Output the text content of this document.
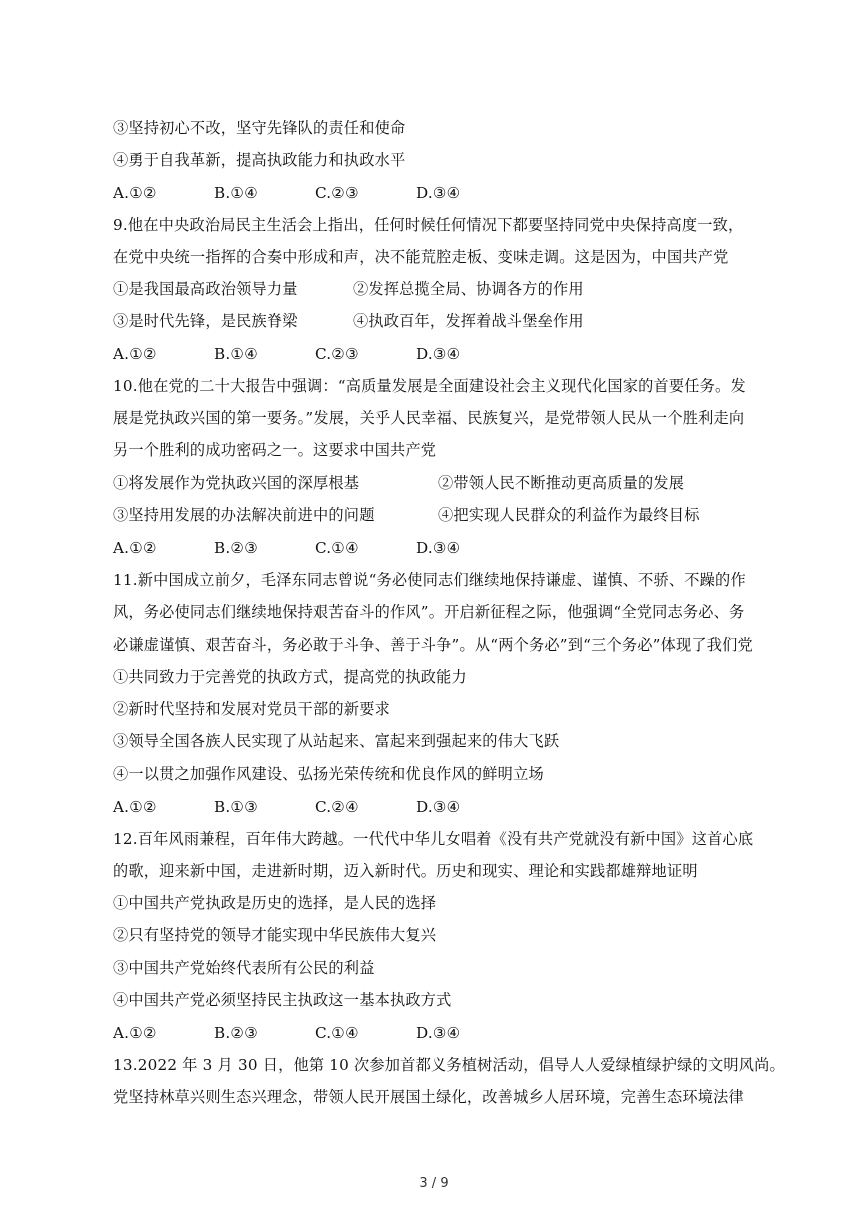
③坚持初心不改，坚守先锋队的责任和使命
④勇于自我革新，提高执政能力和执政水平
A.①②	B.①④	C.②③	D.③④
9.他在中央政治局民主生活会上指出，任何时候任何情况下都要坚持同党中央保持高度一致，
在党中央统一指挥的合奏中形成和声，决不能荒腔走板、变味走调。这是因为，中国共产党
①是我国最高政治领导力量	②发挥总揽全局、协调各方的作用
③是时代先锋，是民族脊梁	④执政百年，发挥着战斗堡垒作用
A.①②	B.①④	C.②③	D.③④
10.他在党的二十大报告中强调：“高质量发展是全面建设社会主义现代化国家的首要任务。发
展是党执政兴国的第一要务。”发展，关乎人民幸福、民族复兴，是党带领人民从一个胜利走向
另一个胜利的成功密码之一。这要求中国共产党
①将发展作为党执政兴国的深厚根基	②带领人民不断推动更高质量的发展
③坚持用发展的办法解决前进中的问题	④把实现人民群众的利益作为最终目标
A.①②	B.②③	C.①④	D.③④
11.新中国成立前夕，毛泽东同志曾说“务必使同志们继续地保持谦虚、谨慎、不骄、不躁的作
风，务必使同志们继续地保持艰苦奋斗的作风”。开启新征程之际，他强调“全党同志务必、务
必谦虚谨慎、艰苦奋斗，务必敢于斗争、善于斗争”。从“两个务必”到“三个务必”体现了我们党
①共同致力于完善党的执政方式，提高党的执政能力
②新时代坚持和发展对党员干部的新要求
③领导全国各族人民实现了从站起来、富起来到强起来的伟大飞跃
④一以贯之加强作风建设、弘扬光荣传统和优良作风的鲜明立场
A.①②	B.①③	C.②④	D.③④
12.百年风雨兼程，百年伟大跨越。一代代中华儿女唱着《没有共产党就没有新中国》这首心底
的歌，迎来新中国，走进新时期，迈入新时代。历史和现实、理论和实践都雄辩地证明
①中国共产党执政是历史的选择，是人民的选择
②只有坚持党的领导才能实现中华民族伟大复兴
③中国共产党始终代表所有公民的利益
④中国共产党必须坚持民主执政这一基本执政方式
A.①②	B.②③	C.①④	D.③④
13.2022 年 3 月 30 日，他第 10 次参加首都义务植树活动，倡导人人爱绿植绿护绿的文明风尚。
党坚持林草兴则生态兴理念，带领人民开展国土绿化，改善城乡人居环境，完善生态环境法律
3 / 9
